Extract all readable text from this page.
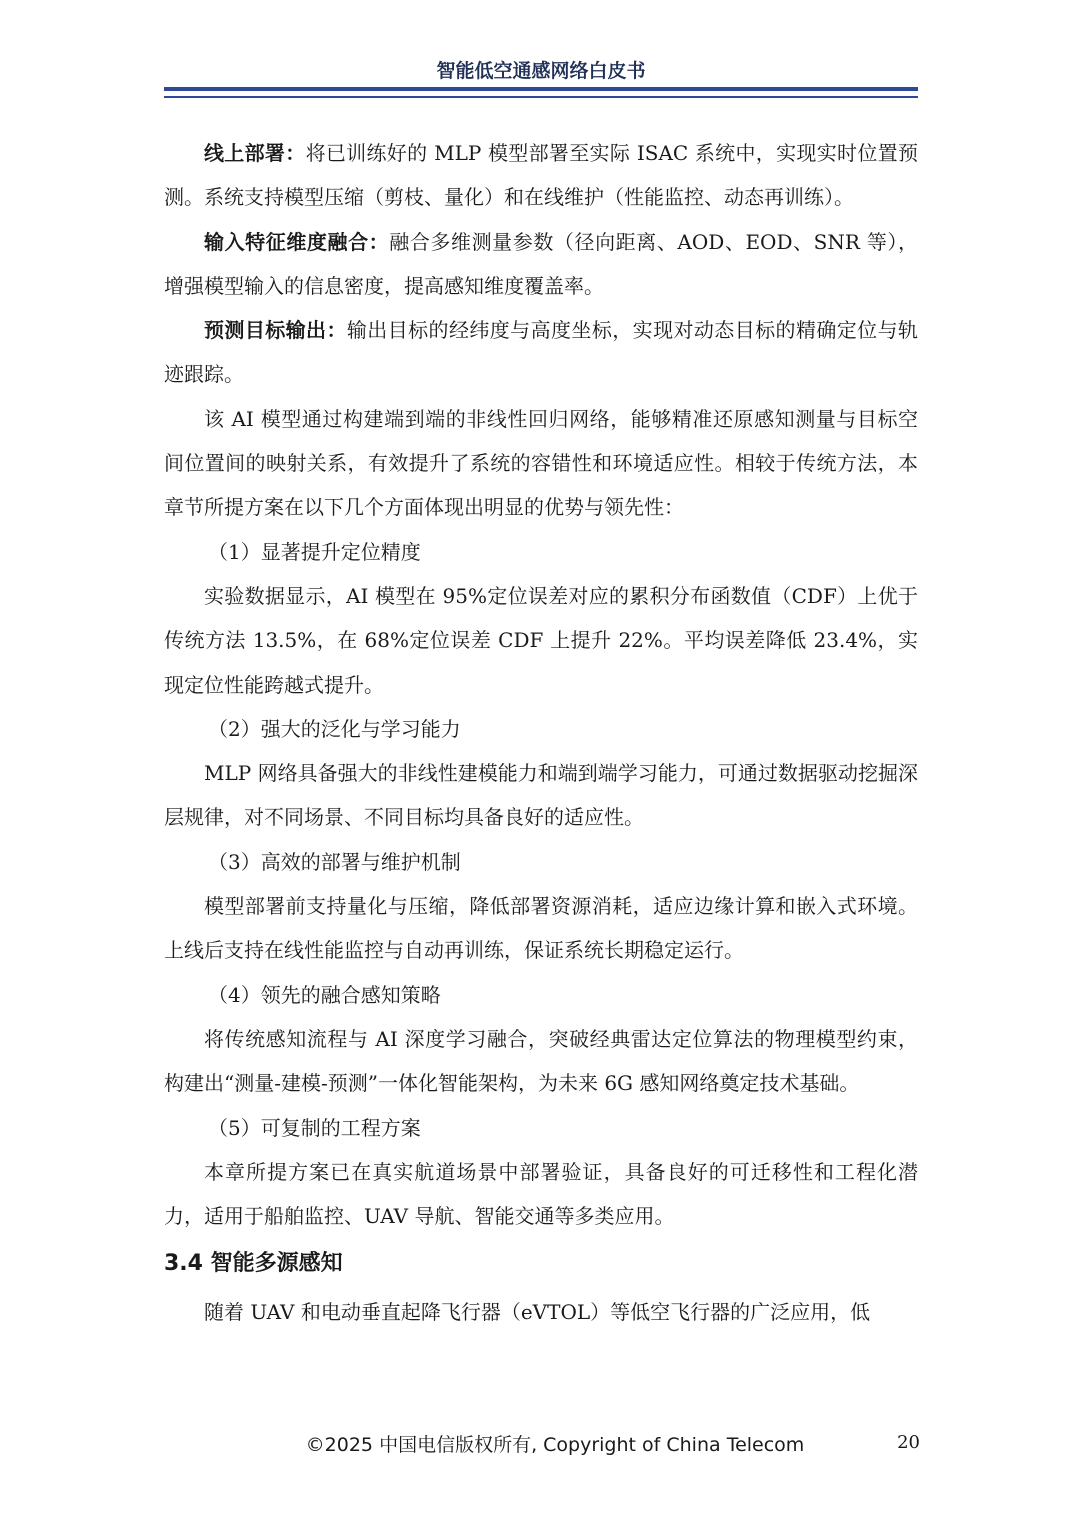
智能低空通感网络白皮书

线上部署：将已训练好的 MLP 模型部署至实际 ISAC 系统中，实现实时位置预测。系统支持模型压缩（剪枝、量化）和在线维护（性能监控、动态再训练）。

输入特征维度融合：融合多维测量参数（径向距离、AOD、EOD、SNR 等），增强模型输入的信息密度，提高感知维度覆盖率。

预测目标输出：输出目标的经纬度与高度坐标，实现对动态目标的精确定位与轨迹跟踪。

该 AI 模型通过构建端到端的非线性回归网络，能够精准还原感知测量与目标空间位置间的映射关系，有效提升了系统的容错性和环境适应性。相较于传统方法，本章节所提方案在以下几个方面体现出明显的优势与领先性：

（1）显著提升定位精度

实验数据显示，AI 模型在 95%定位误差对应的累积分布函数值（CDF）上优于传统方法 13.5%，在 68%定位误差 CDF 上提升 22%。平均误差降低 23.4%，实现定位性能跨越式提升。

（2）强大的泛化与学习能力

MLP 网络具备强大的非线性建模能力和端到端学习能力，可通过数据驱动挖掘深层规律，对不同场景、不同目标均具备良好的适应性。

（3）高效的部署与维护机制

模型部署前支持量化与压缩，降低部署资源消耗，适应边缘计算和嵌入式环境。上线后支持在线性能监控与自动再训练，保证系统长期稳定运行。

（4）领先的融合感知策略

将传统感知流程与 AI 深度学习融合，突破经典雷达定位算法的物理模型约束，构建出“测量-建模-预测”一体化智能架构，为未来 6G 感知网络奠定技术基础。

（5）可复制的工程方案

本章所提方案已在真实航道场景中部署验证，具备良好的可迁移性和工程化潜力，适用于船舶监控、UAV 导航、智能交通等多类应用。

3.4 智能多源感知

随着 UAV 和电动垂直起降飞行器（eVTOL）等低空飞行器的广泛应用，低

©2025 中国电信版权所有, Copyright of China Telecom	20
